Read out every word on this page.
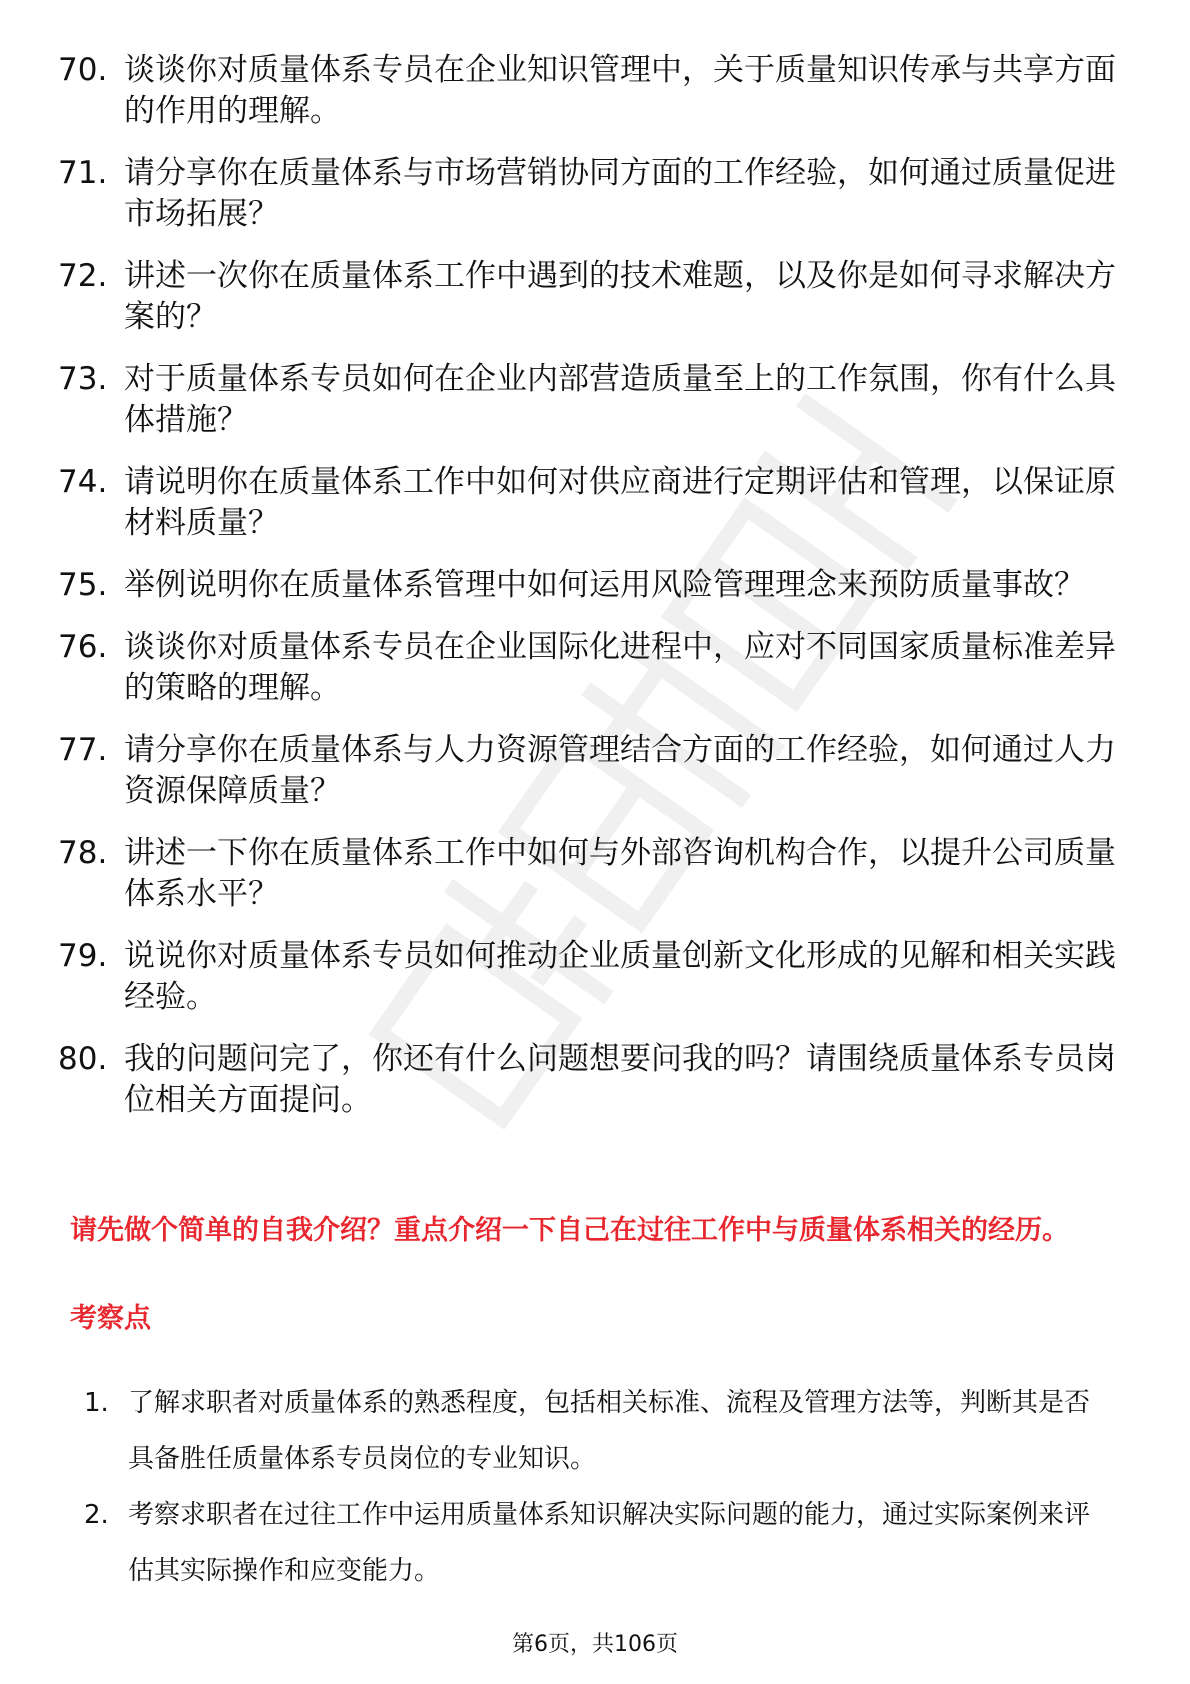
70. 谈谈你对质量体系专员在企业知识管理中，关于质量知识传承与共享方面的作用的理解。
71. 请分享你在质量体系与市场营销协同方面的工作经验，如何通过质量促进市场拓展？
72. 讲述一次你在质量体系工作中遇到的技术难题，以及你是如何寻求解决方案的？
73. 对于质量体系专员如何在企业内部营造质量至上的工作氛围，你有什么具体措施？
74. 请说明你在质量体系工作中如何对供应商进行定期评估和管理，以保证原材料质量？
75. 举例说明你在质量体系管理中如何运用风险管理理念来预防质量事故？
76. 谈谈你对质量体系专员在企业国际化进程中，应对不同国家质量标准差异的策略的理解。
77. 请分享你在质量体系与人力资源管理结合方面的工作经验，如何通过人力资源保障质量？
78. 讲述一下你在质量体系工作中如何与外部咨询机构合作，以提升公司质量体系水平？
79. 说说你对质量体系专员如何推动企业质量创新文化形成的见解和相关实践经验。
80. 我的问题问完了，你还有什么问题想要问我的吗？请围绕质量体系专员岗位相关方面提问。

请先做个简单的自我介绍？重点介绍一下自己在过往工作中与质量体系相关的经历。

考察点

1. 了解求职者对质量体系的熟悉程度，包括相关标准、流程及管理方法等，判断其是否具备胜任质量体系专员岗位的专业知识。
2. 考察求职者在过往工作中运用质量体系知识解决实际问题的能力，通过实际案例来评估其实际操作和应变能力。

第6页，共106页
